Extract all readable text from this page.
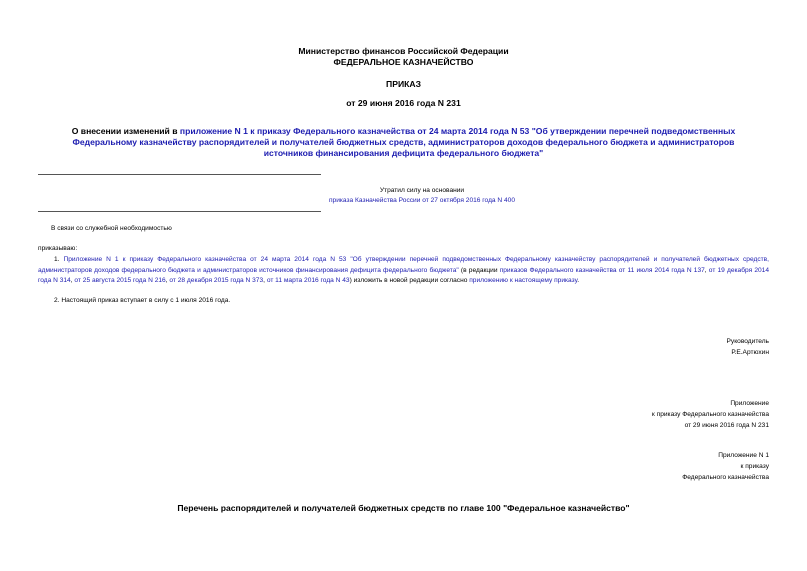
Министерство финансов Российской Федерации
ФЕДЕРАЛЬНОЕ КАЗНАЧЕЙСТВО
ПРИКАЗ
от 29 июня 2016 года N 231
О внесении изменений в приложение N 1 к приказу Федерального казначейства от 24 марта 2014 года N 53 "Об утверждении перечней подведомственных Федеральному казначейству распорядителей и получателей бюджетных средств, администраторов доходов федерального бюджета и администраторов источников финансирования дефицита федерального бюджета"
Утратил силу на основании
приказа Казначейства России от 27 октября 2016 года N 400
В связи со служебной необходимостью
приказываю:
1. Приложение N 1 к приказу Федерального казначейства от 24 марта 2014 года N 53 "Об утверждении перечней подведомственных Федеральному казначейству распорядителей и получателей бюджетных средств, администраторов доходов федерального бюджета и администраторов источников финансирования дефицита федерального бюджета" (в редакции приказов Федерального казначейства от 11 июля 2014 года N 137, от 19 декабря 2014 года N 314, от 25 августа 2015 года N 216, от 28 декабря 2015 года N 373, от 11 марта 2016 года N 43) изложить в новой редакции согласно приложению к настоящему приказу.
2. Настоящий приказ вступает в силу с 1 июля 2016 года.
Руководитель
Р.Е.Артюхин
Приложение
к приказу Федерального казначейства
от 29 июня 2016 года N 231
Приложение N 1
к приказу
Федерального казначейства
Перечень распорядителей и получателей бюджетных средств по главе 100 "Федеральное казначейство"
